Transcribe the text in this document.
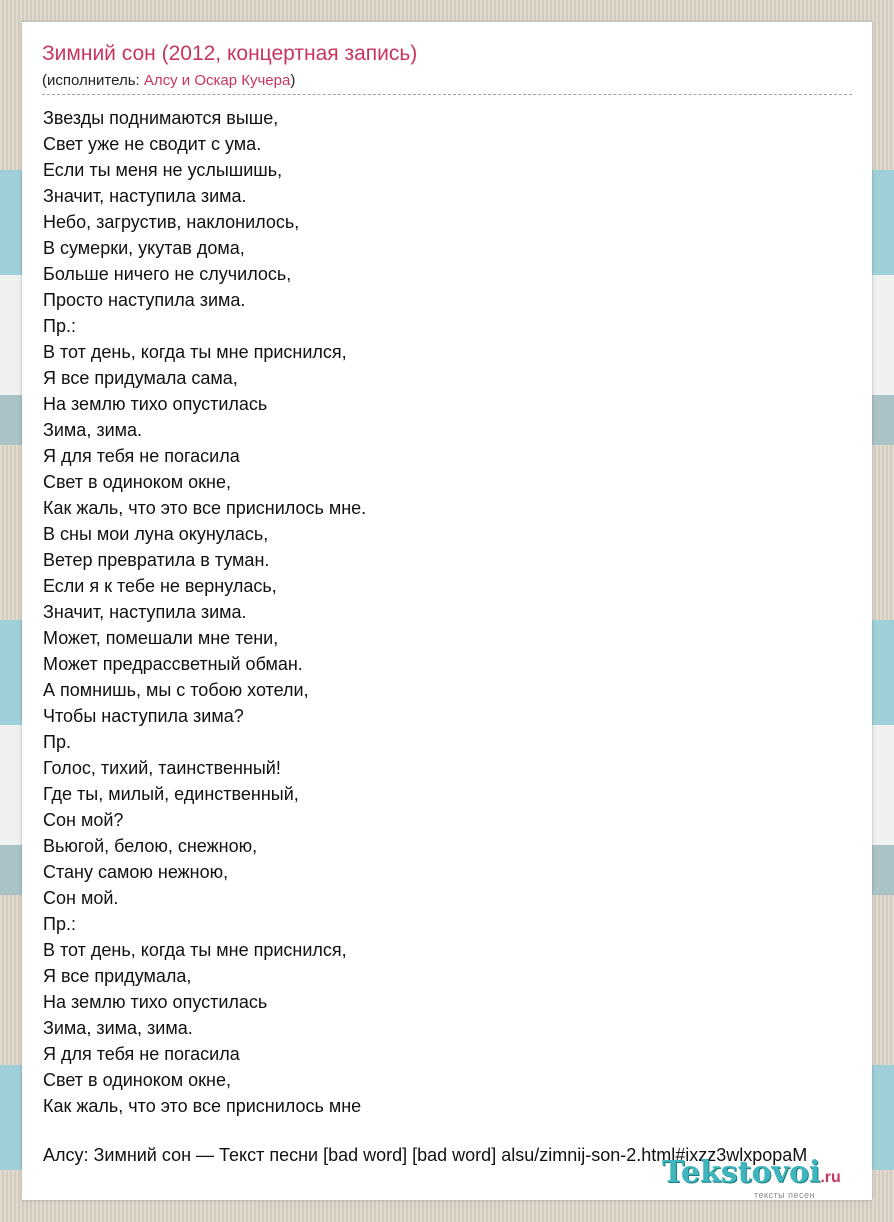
Зимний сон (2012, концертная запись)

(исполнитель: Алсу и Оскар Кучера)

Звезды поднимаются выше,
Свет уже не сводит с ума.
Если ты меня не услышишь,
Значит, наступила зима.
Небо, загрустив, наклонилось,
В сумерки, укутав дома,
Больше ничего не случилось,
Просто наступила зима.
Пр.:
В тот день, когда ты мне приснился,
Я все придумала сама,
На землю тихо опустилась
Зима, зима.
Я для тебя не погасила
Свет в одиноком окне,
Как жаль, что это все приснилось мне.
В сны мои луна окунулась,
Ветер превратила в туман.
Если я к тебе не вернулась,
Значит, наступила зима.
Может, помешали мне тени,
Может предрассветный обман.
А помнишь, мы с тобою хотели,
Чтобы наступила зима?
Пр.
Голос, тихий, таинственный!
Где ты, милый, единственный,
Сон мой?
Вьюгой, белою, снежною,
Стану самою нежною,
Сон мой.
Пр.:
В тот день, когда ты мне приснился,
Я все придумала,
На землю тихо опустилась
Зима, зима, зима.
Я для тебя не погасила
Свет в одиноком окне,
Как жаль, что это все приснилось мне

Алсу: Зимний сон — Текст песни [bad word] [bad word] alsu/zimnij-son-2.html#ixzz3wlxpopaM

Tekstovoi.ru
тексты песен
